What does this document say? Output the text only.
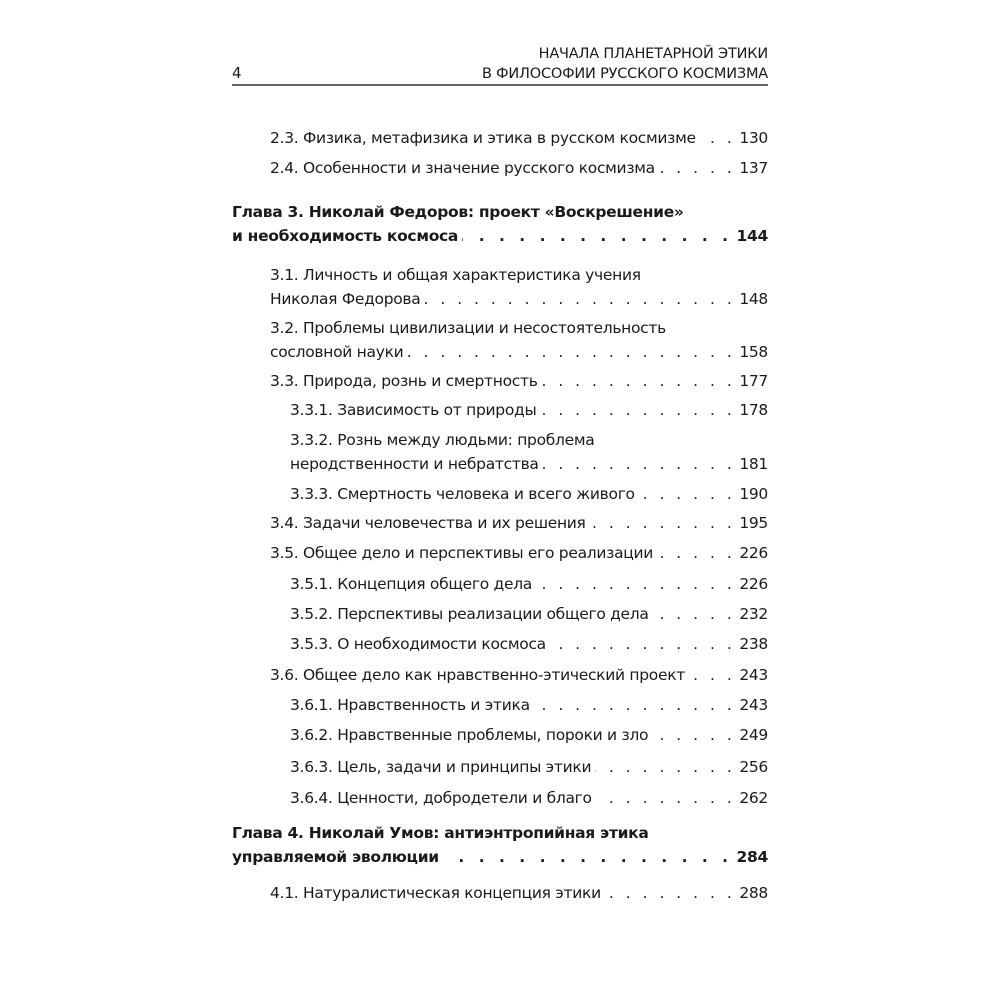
4
НАЧАЛА ПЛАНЕТАРНОЙ ЭТИКИ
В ФИЛОСОФИИ РУССКОГО КОСМИЗМА
2.3. Физика, метафизика и этика в русском космизме . . .	130
2.4. Особенности и значение русского космизма . . .	137
Глава 3. Николай Федоров: проект «Воскрешение»
и необходимость космоса . . .	144
3.1. Личность и общая характеристика учения
Николая Федорова . . .	148
3.2. Проблемы цивилизации и несостоятельность
сословной науки . . .	158
3.3. Природа, рознь и смертность . . .	177
3.3.1. Зависимость от природы . . .	178
3.3.2. Рознь между людьми: проблема
неродственности и небратства . . .	181
3.3.3. Смертность человека и всего живого . . .	190
3.4. Задачи человечества и их решения . . .	195
3.5. Общее дело и перспективы его реализации . . .	226
3.5.1. Концепция общего дела . . .	226
3.5.2. Перспективы реализации общего дела . . .	232
3.5.3. О необходимости космоса . . .	238
3.6. Общее дело как нравственно-этический проект . . .	243
3.6.1. Нравственность и этика . . .	243
3.6.2. Нравственные проблемы, пороки и зло . . .	249
3.6.3. Цель, задачи и принципы этики . . .	256
3.6.4. Ценности, добродетели и благо . . .	262
Глава 4. Николай Умов: антиэнтропийная этика
управляемой эволюции . . .	284
4.1. Натуралистическая концепция этики . . .	288
